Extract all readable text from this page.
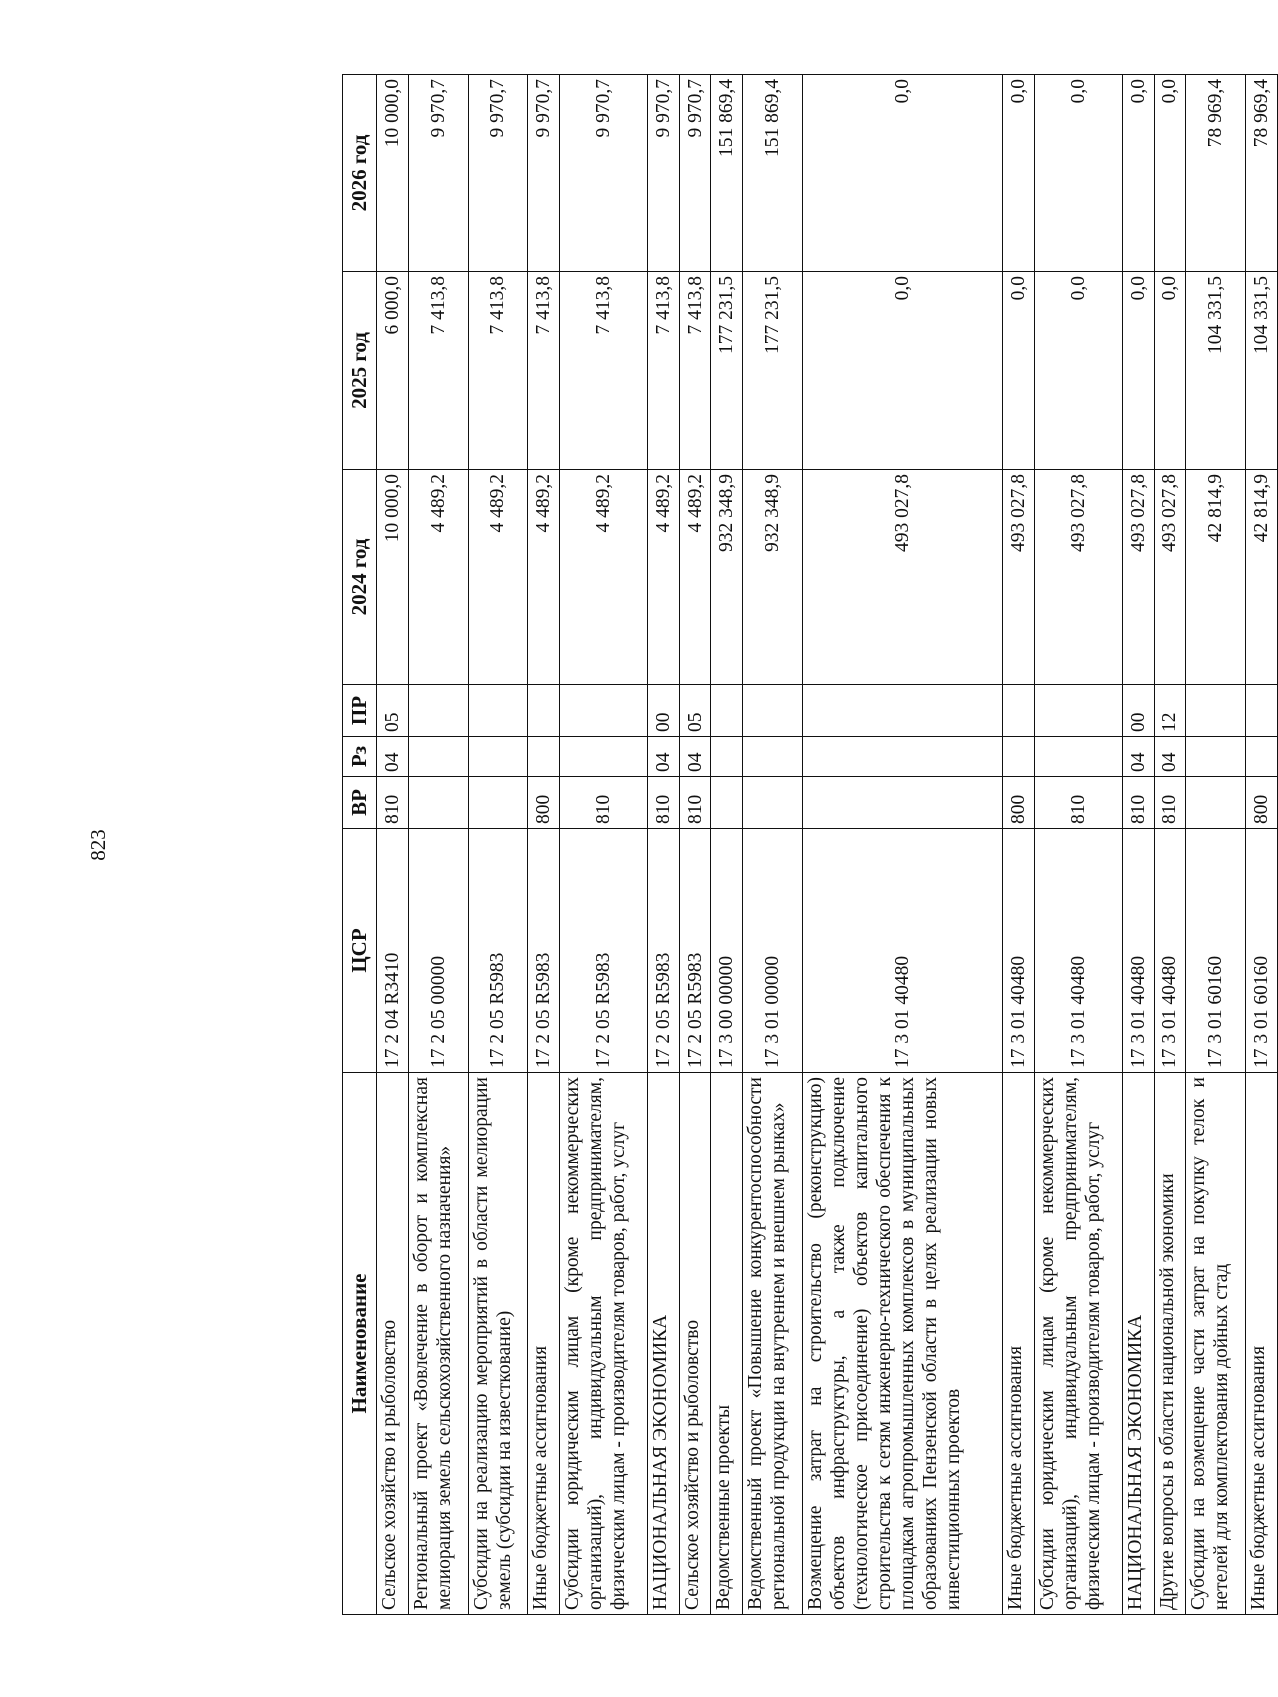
823
Наименование	ЦСР	ВР	Рз	ПР	2024 год	2025 год	2026 год
Сельское хозяйство и рыболовство	17 2 04 R3410	810	04	05	10 000,0	6 000,0	10 000,0
Региональный проект «Вовлечение в оборот и комплексная мелиорация земель сельскохозяйственного назначения»	17 2 05 00000				4 489,2	7 413,8	9 970,7
Субсидии на реализацию мероприятий в области мелиорации земель (субсидии на известкование)	17 2 05 R5983				4 489,2	7 413,8	9 970,7
Иные бюджетные ассигнования	17 2 05 R5983	800			4 489,2	7 413,8	9 970,7
Субсидии юридическим лицам (кроме некоммерческих организаций), индивидуальным предпринимателям, физическим лицам - производителям товаров, работ, услуг	17 2 05 R5983	810			4 489,2	7 413,8	9 970,7
НАЦИОНАЛЬНАЯ ЭКОНОМИКА	17 2 05 R5983	810	04	00	4 489,2	7 413,8	9 970,7
Сельское хозяйство и рыболовство	17 2 05 R5983	810	04	05	4 489,2	7 413,8	9 970,7
Ведомственные проекты	17 3 00 00000				932 348,9	177 231,5	151 869,4
Ведомственный проект «Повышение конкурентоспособности региональной продукции на внутреннем и внешнем рынках»	17 3 01 00000				932 348,9	177 231,5	151 869,4
Возмещение затрат на строительство (реконструкцию) объектов инфраструктуры, а также подключение (технологическое присоединение) объектов капитального строительства к сетям инженерно-технического обеспечения к площадкам агропромышленных комплексов в муниципальных образованиях Пензенской области в целях реализации новых инвестиционных проектов	17 3 01 40480				493 027,8	0,0	0,0
Иные бюджетные ассигнования	17 3 01 40480	800			493 027,8	0,0	0,0
Субсидии юридическим лицам (кроме некоммерческих организаций), индивидуальным предпринимателям, физическим лицам - производителям товаров, работ, услуг	17 3 01 40480	810			493 027,8	0,0	0,0
НАЦИОНАЛЬНАЯ ЭКОНОМИКА	17 3 01 40480	810	04	00	493 027,8	0,0	0,0
Другие вопросы в области национальной экономики	17 3 01 40480	810	04	12	493 027,8	0,0	0,0
Субсидии на возмещение части затрат на покупку телок и нетелей для комплектования дойных стад	17 3 01 60160				42 814,9	104 331,5	78 969,4
Иные бюджетные ассигнования	17 3 01 60160	800			42 814,9	104 331,5	78 969,4
